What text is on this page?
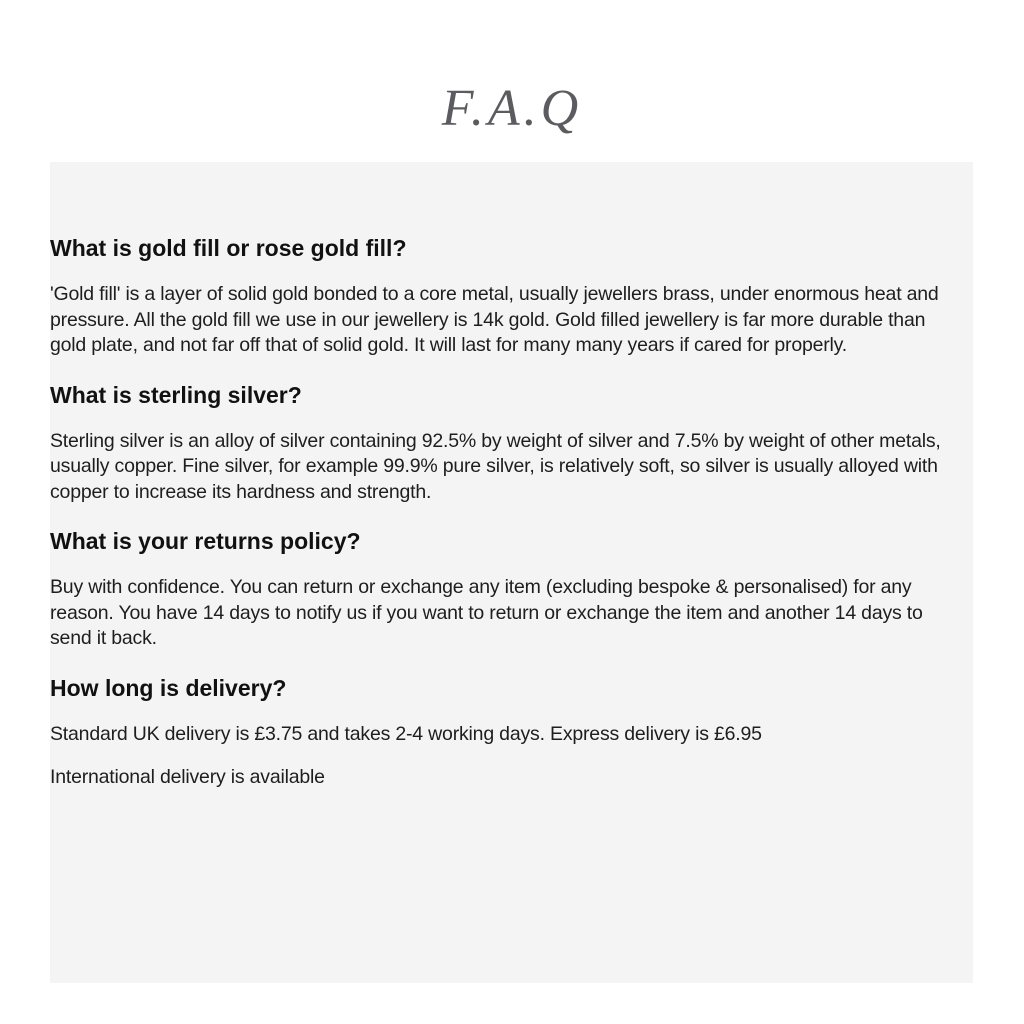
F.A.Q
What is gold fill or rose gold fill?

'Gold fill' is a layer of solid gold bonded to a core metal, usually jewellers brass, under enormous heat and pressure. All the gold fill we use in our jewellery is 14k gold. Gold filled jewellery is far more durable than gold plate, and not far off that of solid gold. It will last for many many years if cared for properly.

What is sterling silver?

Sterling silver is an alloy of silver containing 92.5% by weight of silver and 7.5% by weight of other metals, usually copper. Fine silver, for example 99.9% pure silver, is relatively soft, so silver is usually alloyed with copper to increase its hardness and strength.

What is your returns policy?

Buy with confidence. You can return or exchange any item (excluding bespoke & personalised) for any reason. You have 14 days to notify us if you want to return or exchange the item and another 14 days to send it back.

How long is delivery?

Standard UK delivery is £3.75 and takes 2-4 working days. Express delivery is £6.95

International delivery is available
